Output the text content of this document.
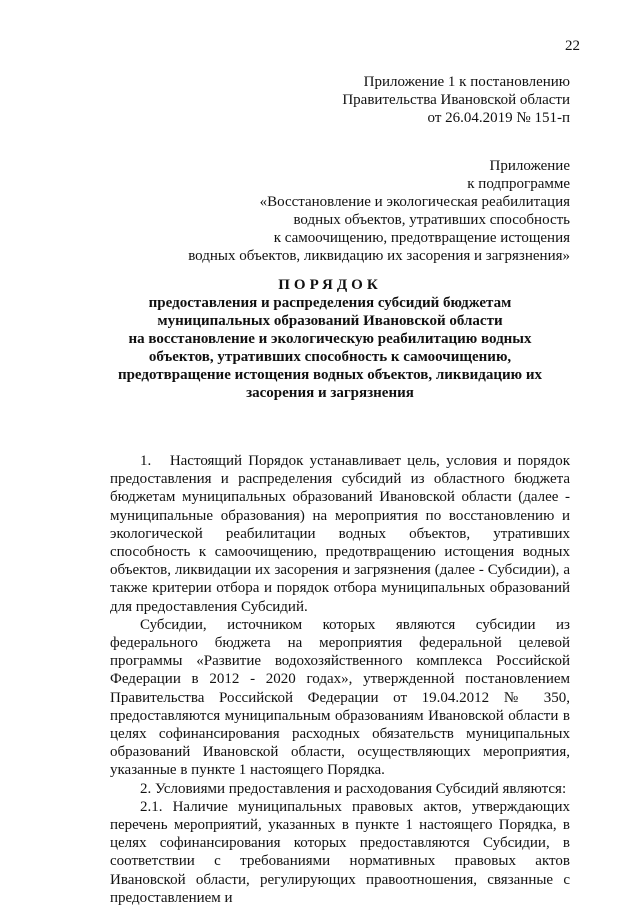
22
Приложение 1 к постановлению
Правительства Ивановской области
от 26.04.2019 № 151-п
Приложение
к подпрограмме
«Восстановление и экологическая реабилитация
водных объектов, утративших способность
к самоочищению, предотвращение истощения
водных объектов, ликвидацию их засорения и загрязнения»
ПОРЯДОК
предоставления и распределения субсидий бюджетам
муниципальных образований Ивановской области
на восстановление и экологическую реабилитацию водных
объектов, утративших способность к самоочищению,
предотвращение истощения водных объектов, ликвидацию их
засорения и загрязнения

1.   Настоящий Порядок устанавливает цель, условия и порядок предоставления и распределения субсидий из областного бюджета бюджетам муниципальных образований Ивановской области (далее - муниципальные образования) на мероприятия по восстановлению и экологической реабилитации водных объектов, утративших способность к самоочищению, предотвращению истощения водных объектов, ликвидации их засорения и загрязнения (далее - Субсидии), а также критерии отбора и порядок отбора муниципальных образований для предоставления Субсидий.

Субсидии, источником которых являются субсидии из федерального бюджета на мероприятия федеральной целевой программы «Развитие водохозяйственного комплекса Российской Федерации в 2012 - 2020 годах», утвержденной постановлением Правительства Российской Федерации от 19.04.2012 № 350, предоставляются муниципальным образованиям Ивановской области в целях софинансирования расходных обязательств муниципальных образований Ивановской области, осуществляющих мероприятия, указанные в пункте 1 настоящего Порядка.

2. Условиями предоставления и расходования Субсидий являются:

2.1. Наличие муниципальных правовых актов, утверждающих перечень мероприятий, указанных в пункте 1 настоящего Порядка, в целях софинансирования которых предоставляются Субсидии, в соответствии с требованиями нормативных правовых актов Ивановской области, регулирующих правоотношения, связанные с предоставлением и
